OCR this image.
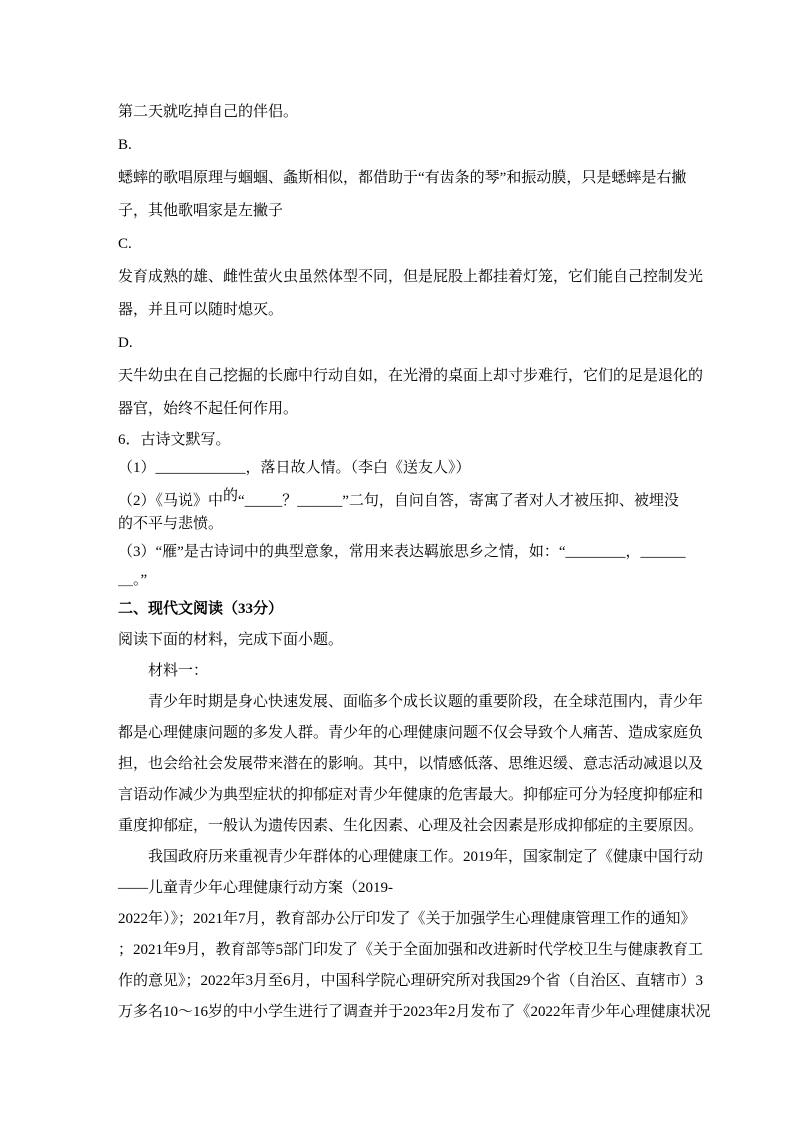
第二天就吃掉自己的伴侣。
B.
蟋蟀的歌唱原理与蝈蝈、螽斯相似，都借助于“有齿条的琴”和振动膜，只是蟋蟀是右撇
子，其他歌唱家是左撇子
C.
发育成熟的雄、雌性萤火虫虽然体型不同，但是屁股上都挂着灯笼，它们能自己控制发光
器，并且可以随时熄灭。
D.
天牛幼虫在自己挖掘的长廊中行动自如，在光滑的桌面上却寸步难行，它们的足是退化的
器官，始终不起任何作用。
6．古诗文默写。
（1）____________，落日故人情。（李白《送友人》）
（2）《马说》中的“_____？______”二句，自问自答，寄寓了者对人才被压抑、被埋没
的不平与悲愤。
（3）“雁”是古诗词中的典型意象，常用来表达羁旅思乡之情，如：“________，______
＿。”
二、现代文阅读（33分）
阅读下面的材料，完成下面小题。
材料一：
青少年时期是身心快速发展、面临多个成长议题的重要阶段，在全球范围内，青少年
都是心理健康问题的多发人群。青少年的心理健康问题不仅会导致个人痛苦、造成家庭负
担，也会给社会发展带来潜在的影响。其中，以情感低落、思维迟缓、意志活动减退以及
言语动作减少为典型症状的抑郁症对青少年健康的危害最大。抑郁症可分为轻度抑郁症和
重度抑郁症，一般认为遗传因素、生化因素、心理及社会因素是形成抑郁症的主要原因。
我国政府历来重视青少年群体的心理健康工作。2019年，国家制定了《健康中国行动
——儿童青少年心理健康行动方案（2019-
2022年）》；2021年7月，教育部办公厅印发了《关于加强学生心理健康管理工作的通知》
；2021年9月，教育部等5部门印发了《关于全面加强和改进新时代学校卫生与健康教育工
作的意见》；2022年3月至6月，中国科学院心理研究所对我国29个省（自治区、直辖市）3
万多名10～16岁的中小学生进行了调查并于2023年2月发布了《2022年青少年心理健康状况
